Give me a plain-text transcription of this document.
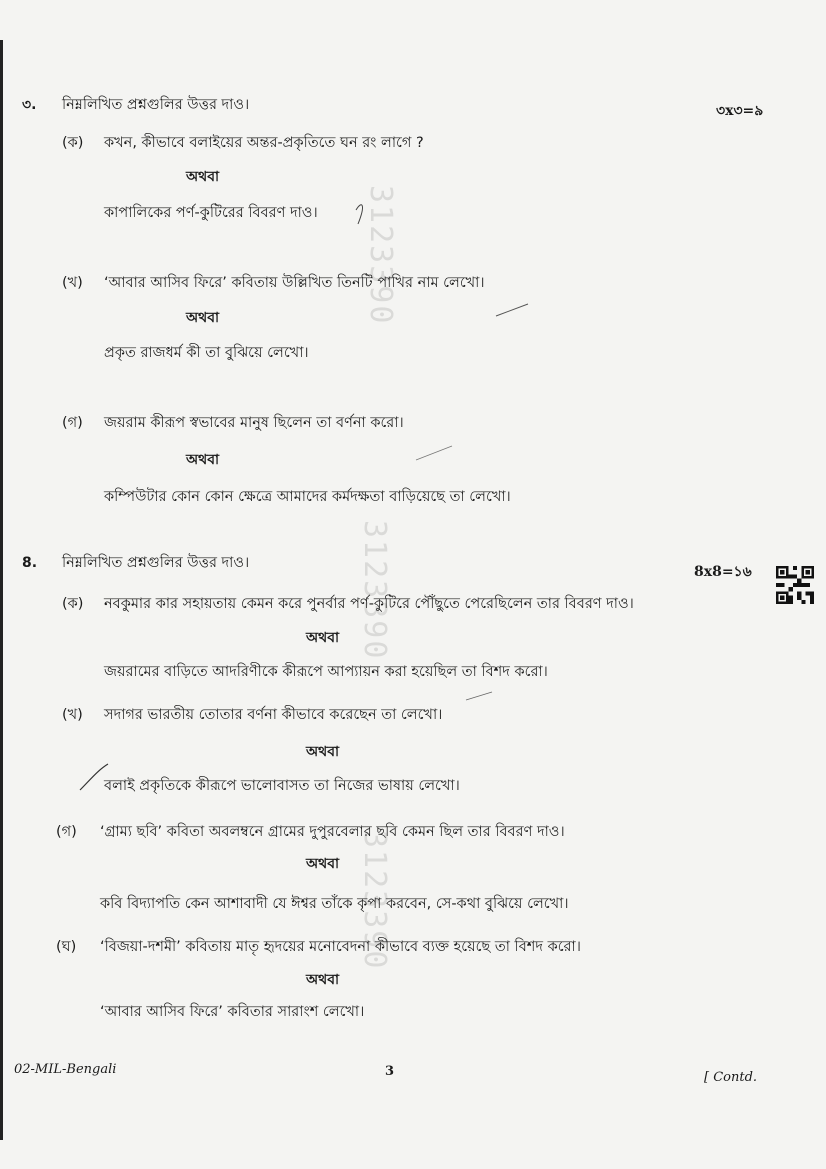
3123390
3123390
3123390
৩. নিম্নলিখিত প্রশ্নগুলির উত্তর দাও।	৩x৩=৯
(ক) কখন, কীভাবে বলাইয়ের অন্তর-প্রকৃতিতে ঘন রং লাগে ?
অথবা
কাপালিকের পর্ণ-কুটিরের বিবরণ দাও।
(খ) ‘আবার আসিব ফিরে’ কবিতায় উল্লিখিত তিনটি পাখির নাম লেখো।
অথবা
প্রকৃত রাজধর্ম কী তা বুঝিয়ে লেখো।
(গ) জয়রাম কীরূপ স্বভাবের মানুষ ছিলেন তা বর্ণনা করো।
অথবা
কম্পিউটার কোন কোন ক্ষেত্রে আমাদের কর্মদক্ষতা বাড়িয়েছে তা লেখো।
8. নিম্নলিখিত প্রশ্নগুলির উত্তর দাও।
8x8=১৬
(ক) নবকুমার কার সহায়তায় কেমন করে পুনর্বার পর্ণ-কুটিরে পৌঁছুতে পেরেছিলেন তার বিবরণ দাও।
অথবা
জয়রামের বাড়িতে আদরিণীকে কীরূপে আপ্যায়ন করা হয়েছিল তা বিশদ করো।
(খ) সদাগর ভারতীয় তোতার বর্ণনা কীভাবে করেছেন তা লেখো।
অথবা
বলাই প্রকৃতিকে কীরূপে ভালোবাসত তা নিজের ভাষায় লেখো।
(গ) ‘গ্রাম্য ছবি’ কবিতা অবলম্বনে গ্রামের দুপুরবেলার ছবি কেমন ছিল তার বিবরণ দাও।
অথবা
কবি বিদ্যাপতি কেন আশাবাদী যে ঈশ্বর তাঁকে কৃপা করবেন, সে-কথা বুঝিয়ে লেখো।
(ঘ) ‘বিজয়া-দশমী’ কবিতায় মাতৃ হৃদয়ের মনোবেদনা কীভাবে ব্যক্ত হয়েছে তা বিশদ করো।
অথবা
‘আবার আসিব ফিরে’ কবিতার সারাংশ লেখো।
02-MIL-Bengali	3	[ Contd.
